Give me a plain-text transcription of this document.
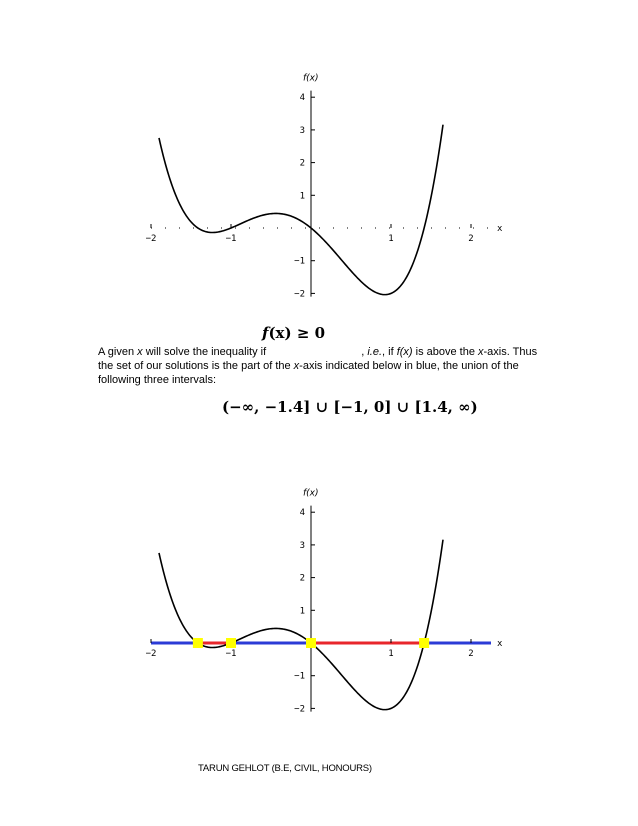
−2	−1	1	2
−2
−1
1
2
3
4
x
f(x)
f(x) ≥ 0
A given x will solve the inequality if	, i.e., if f(x) is above the x-axis. Thus the set of our solutions is the part of the x-axis indicated below in blue, the union of the following three intervals:
(−∞, −1.4] ∪ [−1, 0] ∪ [1.4, ∞)
−2	−1	1	2
−2
−1
1
2
3
4
x
f(x)
TARUN GEHLOT (B.E, CIVIL, HONOURS)
